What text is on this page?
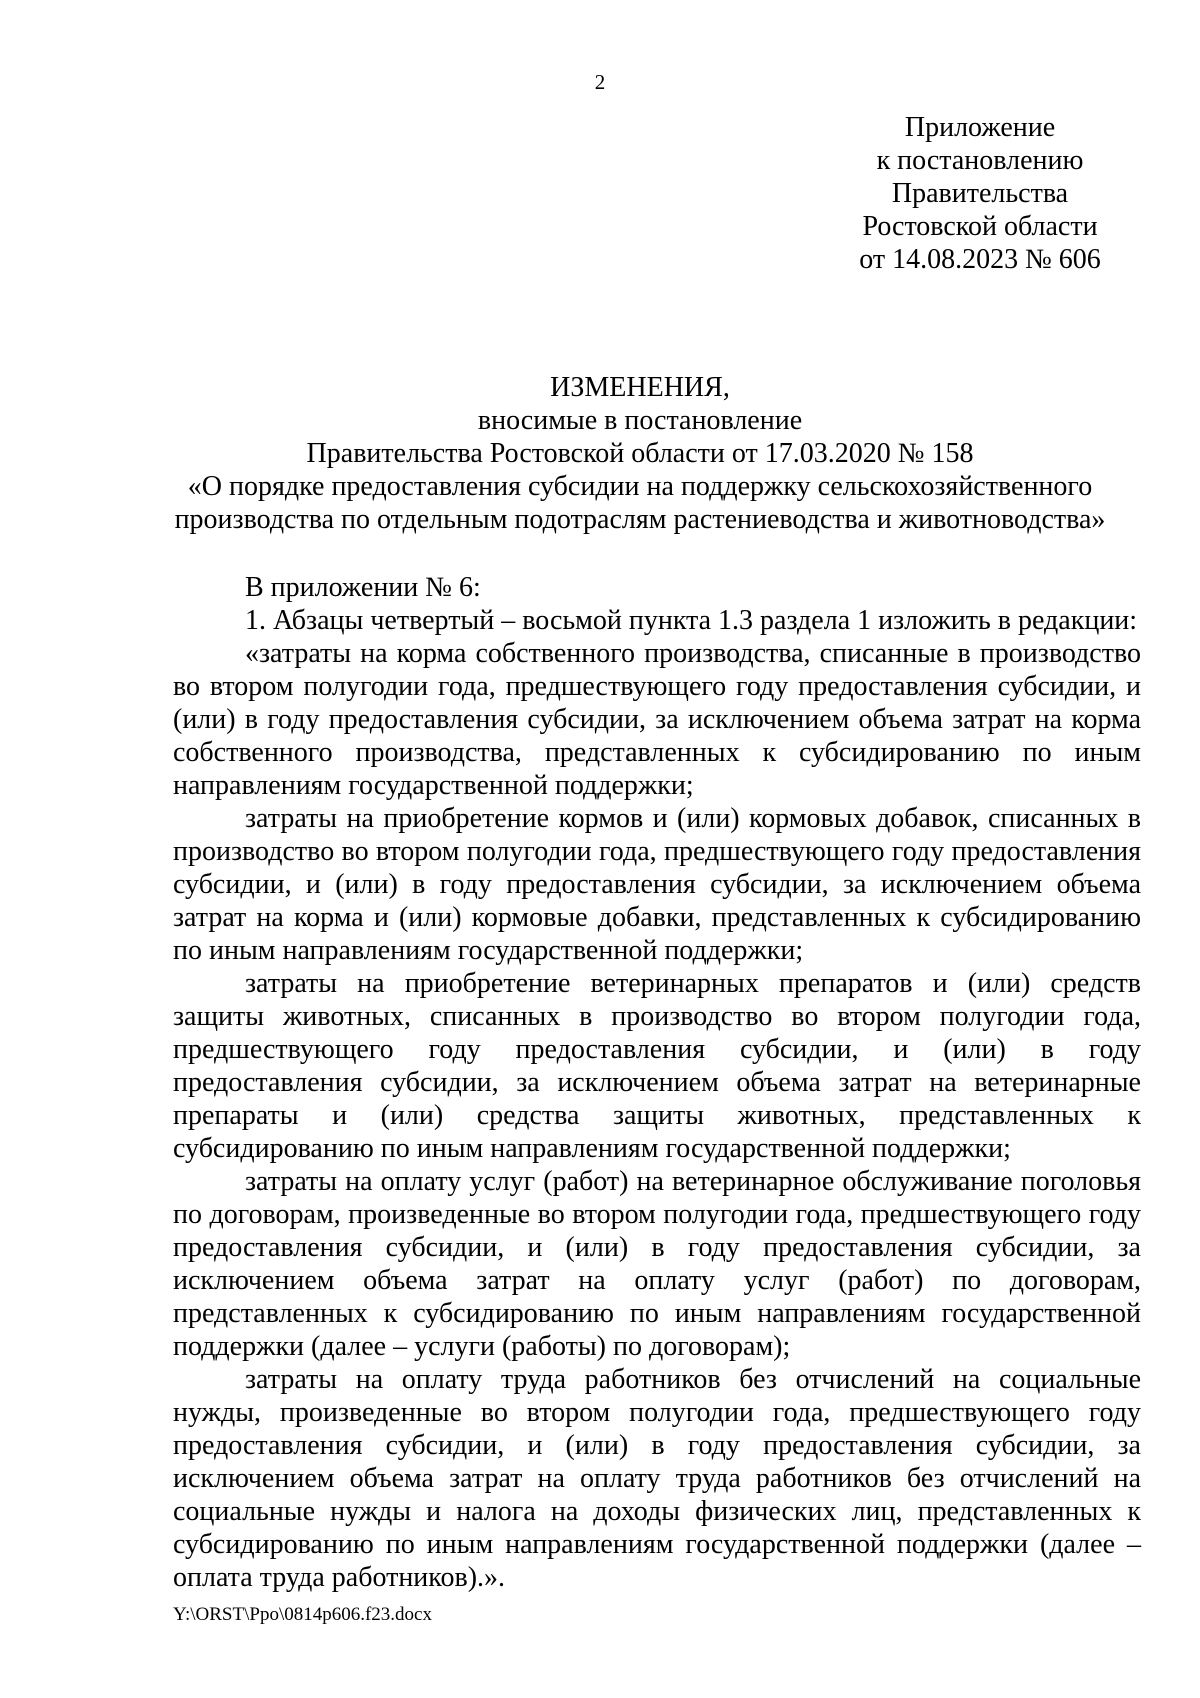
2
Приложение
к постановлению
Правительства
Ростовской области
от 14.08.2023 № 606
ИЗМЕНЕНИЯ,
вносимые в постановление
Правительства Ростовской области от 17.03.2020 № 158
«О порядке предоставления субсидии на поддержку сельскохозяйственного
производства по отдельным подотраслям растениеводства и животноводства»

В приложении № 6:

1. Абзацы четвертый – восьмой пункта 1.3 раздела 1 изложить в редакции:

«затраты на корма собственного производства, списанные в производство во втором полугодии года, предшествующего году предоставления субсидии, и (или) в году предоставления субсидии, за исключением объема затрат на корма собственного производства, представленных к субсидированию по иным направлениям государственной поддержки;

затраты на приобретение кормов и (или) кормовых добавок, списанных в производство во втором полугодии года, предшествующего году предоставления субсидии, и (или) в году предоставления субсидии, за исключением объема затрат на корма и (или) кормовые добавки, представленных к субсидированию по иным направлениям государственной поддержки;

затраты на приобретение ветеринарных препаратов и (или) средств защиты животных, списанных в производство во втором полугодии года, предшествующего году предоставления субсидии, и (или) в году предоставления субсидии, за исключением объема затрат на ветеринарные препараты и (или) средства защиты животных, представленных к субсидированию по иным направлениям государственной поддержки;

затраты на оплату услуг (работ) на ветеринарное обслуживание поголовья по договорам, произведенные во втором полугодии года, предшествующего году предоставления субсидии, и (или) в году предоставления субсидии, за исключением объема затрат на оплату услуг (работ) по договорам, представленных к субсидированию по иным направлениям государственной поддержки (далее – услуги (работы) по договорам);

затраты на оплату труда работников без отчислений на социальные нужды, произведенные во втором полугодии года, предшествующего году предоставления субсидии, и (или) в году предоставления субсидии, за исключением объема затрат на оплату труда работников без отчислений на социальные нужды и налога на доходы физических лиц, представленных к субсидированию по иным направлениям государственной поддержки (далее – оплата труда работников).».

Y:\ORST\Ppo\0814p606.f23.docx
